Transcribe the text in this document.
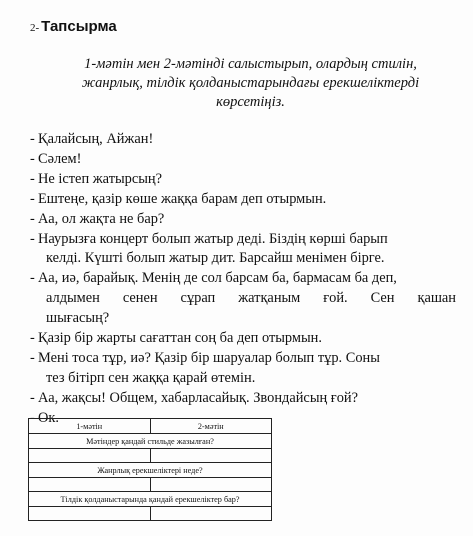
2- Тапсырма
1-мәтін мен 2-мәтінді салыстырып, олардың стилін, жанрлық, тілдік қолданыстарындағы ерекшеліктерді көрсетіңіз.
- Қалайсың, Айжан!
- Сәлем!
- Не істеп жатырсың?
- Ештеңе, қазір көше жаққа барам деп отырмын.
- Аа, ол жақта не бар?
- Наурызға концерт болып жатыр деді. Біздің көрші барып
келді. Күшті болып жатыр дит. Барсайш менімен бірге.
- Аа, иә, барайық. Менің де сол барсам ба, бармасам ба деп,
алдымен сенен сұрап жатқаным ғой. Сен қашан
шығасың?
- Қазір бір жарты сағаттан соң ба деп отырмын.
- Мені тоса тұр, иә? Қазір бір шаруалар болып тұр. Соны
тез бітірп сен жаққа қарай өтемін.
- Аа, жақсы! Общем, хабарласайық. Звондайсың ғой?
- Ок.
1-мәтін	2-мәтін
Мәтіндер қандай стильде жазылған?	

Жанрлық ерекшеліктері неде?	

Тілдік қолданыстарында қандай ерекшеліктер бар?	
